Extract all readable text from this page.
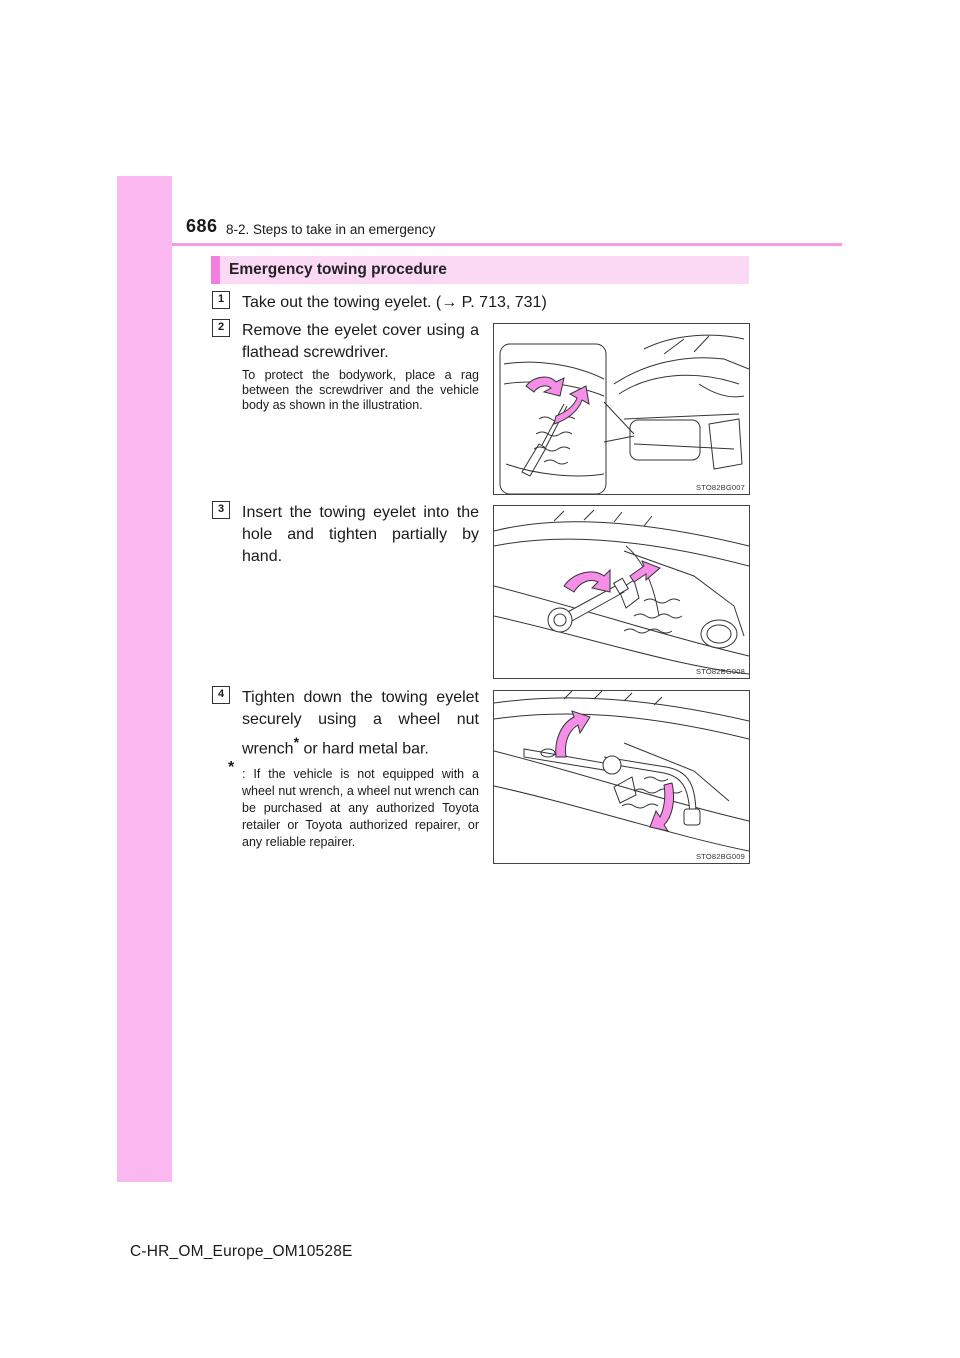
686 8-2. Steps to take in an emergency
Emergency towing procedure
1	Take out the towing eyelet. (→ P. 713, 731)
2	Remove the eyelet cover using a flathead screwdriver.
To protect the bodywork, place a rag between the screwdriver and the vehicle body as shown in the illustration.
STO82BG007
3	Insert the towing eyelet into the hole and tighten partially by hand.
STO82BG008
4	Tighten down the towing eyelet securely using a wheel nut wrench* or hard metal bar.
* : If the vehicle is not equipped with a wheel nut wrench, a wheel nut wrench can be purchased at any authorized Toyota retailer or Toyota authorized repairer, or any reliable repairer.
STO82BG009
C-HR_OM_Europe_OM10528E
